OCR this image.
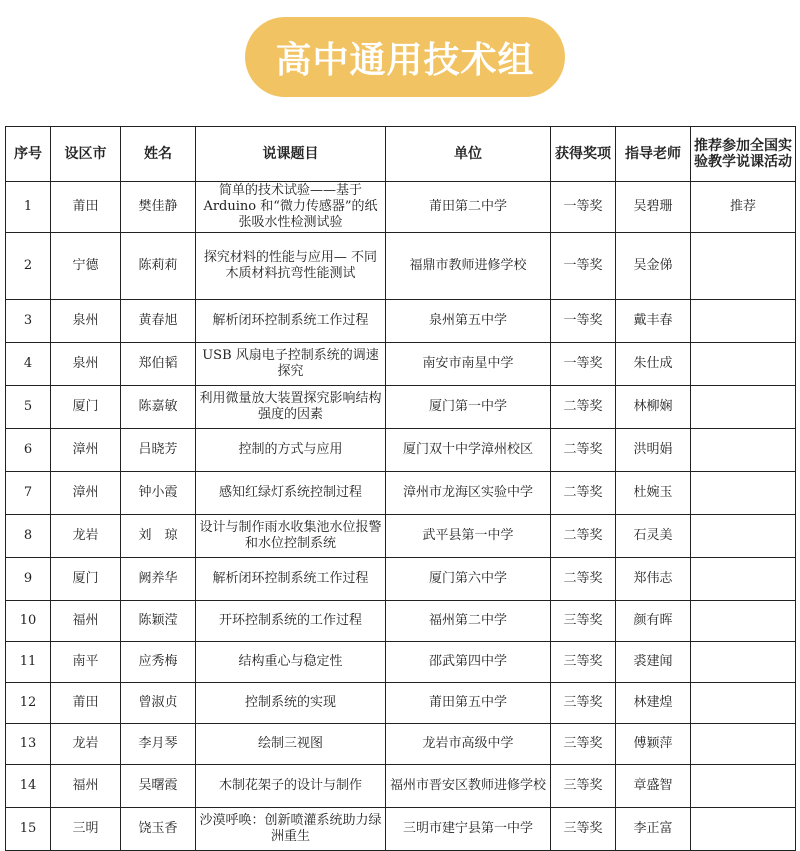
高中通用技术组
序号	设区市	姓名	说课题目	单位	获得奖项	指导老师	推荐参加全国实验教学说课活动
1	莆田	樊佳静	简单的技术试验——基于 Arduino 和“微力传感器”的纸张吸水性检测试验	莆田第二中学	一等奖	吴碧珊	推荐
2	宁德	陈莉莉	探究材料的性能与应用— 不同木质材料抗弯性能测试	福鼎市教师进修学校	一等奖	吴金俤	
3	泉州	黄春旭	解析闭环控制系统工作过程	泉州第五中学	一等奖	戴丰春	
4	泉州	郑伯韬	USB 风扇电子控制系统的调速探究	南安市南星中学	一等奖	朱仕成	
5	厦门	陈嘉敏	利用微量放大装置探究影响结构强度的因素	厦门第一中学	二等奖	林柳娴	
6	漳州	吕晓芳	控制的方式与应用	厦门双十中学漳州校区	二等奖	洪明娟	
7	漳州	钟小霞	感知红绿灯系统控制过程	漳州市龙海区实验中学	二等奖	杜婉玉	
8	龙岩	刘　琼	设计与制作雨水收集池水位报警和水位控制系统	武平县第一中学	二等奖	石灵美	
9	厦门	阙养华	解析闭环控制系统工作过程	厦门第六中学	二等奖	郑伟志	
10	福州	陈颖滢	开环控制系统的工作过程	福州第二中学	三等奖	颜有晖	
11	南平	应秀梅	结构重心与稳定性	邵武第四中学	三等奖	裘建闻	
12	莆田	曾淑贞	控制系统的实现	莆田第五中学	三等奖	林建煌	
13	龙岩	李月琴	绘制三视图	龙岩市高级中学	三等奖	傅颖萍	
14	福州	吴曙霞	木制花架子的设计与制作	福州市晋安区教师进修学校	三等奖	章盛智	
15	三明	饶玉香	沙漠呼唤：创新喷灌系统助力绿洲重生	三明市建宁县第一中学	三等奖	李正富	
